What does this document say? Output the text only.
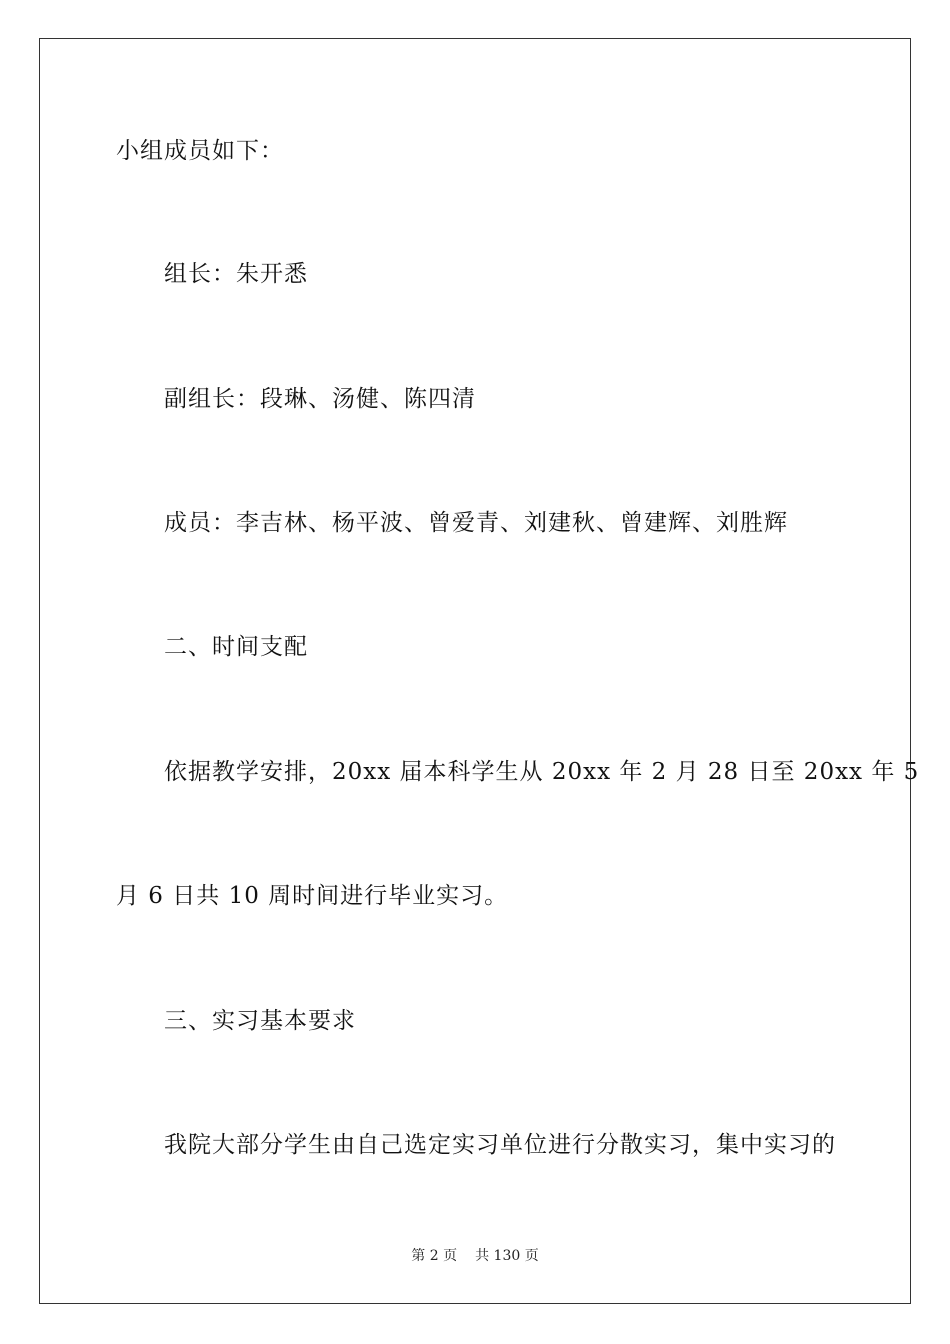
小组成员如下：
组长：朱开悉
副组长：段琳、汤健、陈四清
成员：李吉林、杨平波、曾爱青、刘建秋、曾建辉、刘胜辉
二、时间支配
依据教学安排，20xx 届本科学生从 20xx 年 2 月 28 日至 20xx 年 5
月 6 日共 10 周时间进行毕业实习。
三、实习基本要求
我院大部分学生由自己选定实习单位进行分散实习，集中实习的
第 2 页 共 130 页
